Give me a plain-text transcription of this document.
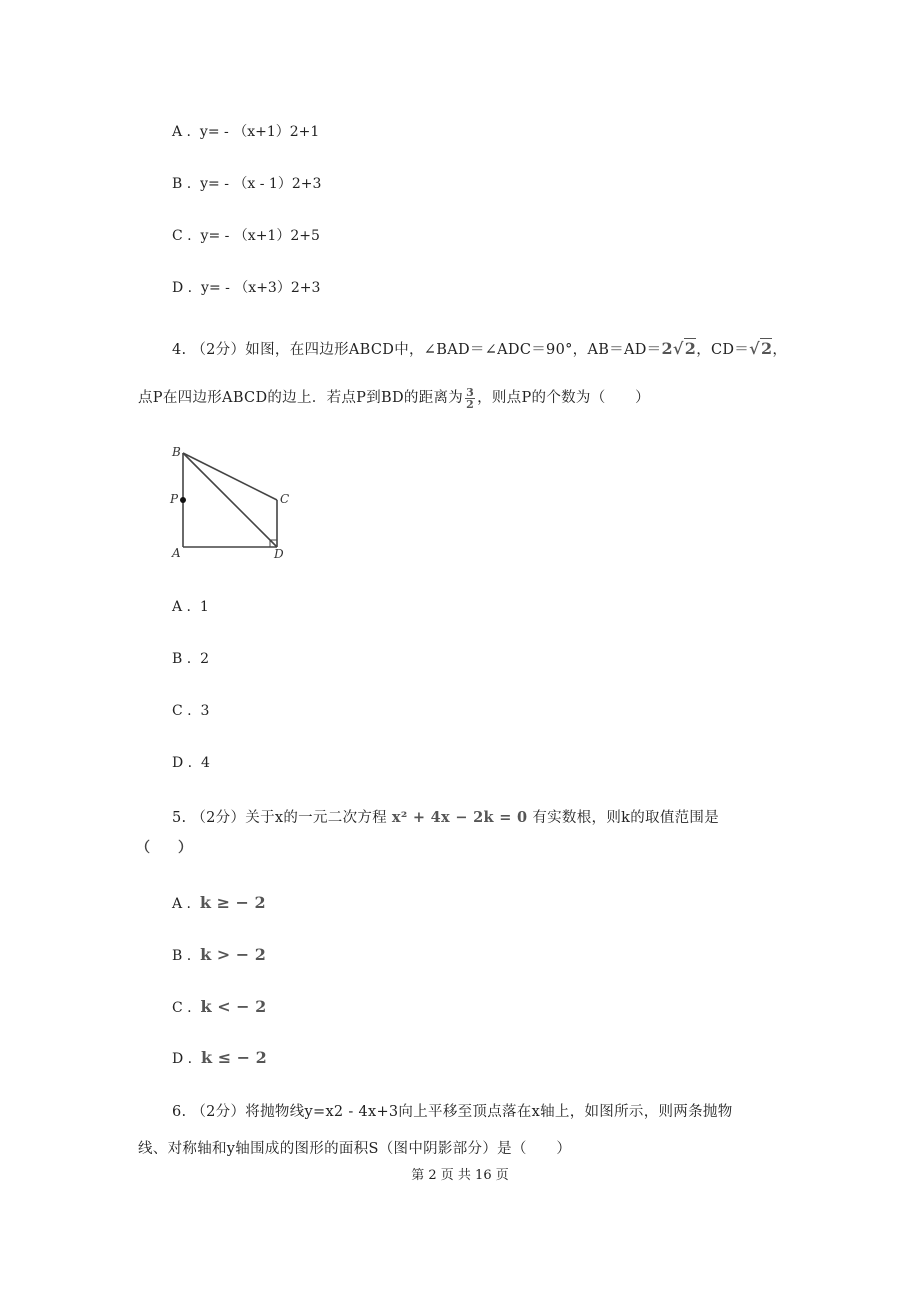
A . y= - （x+1）2+1
B . y= - （x - 1）2+3
C . y= - （x+1）2+5
D . y= - （x+3）2+3
4. （2分）如图，在四边形ABCD中，∠BAD＝∠ADC＝90°，AB＝AD＝2√2，CD＝√2，
点P在四边形ABCD的边上．若点P到BD的距离为 $\frac{3}{2}$ ，则点P的个数为（　　）
B
P	C
A	D
A . 1
B . 2
C . 3
D . 4
5. （2分）关于x的一元二次方程 x² + 4x − 2k = 0 有实数根，则k的取值范围是
（　　）
A . k ≥ − 2
B . k > − 2
C . k < − 2
D . k ≤ − 2
6. （2分）将抛物线y=x2 - 4x+3向上平移至顶点落在x轴上，如图所示，则两条抛物
线、对称轴和y轴围成的图形的面积S（图中阴影部分）是（　　）
第 2 页 共 16 页
